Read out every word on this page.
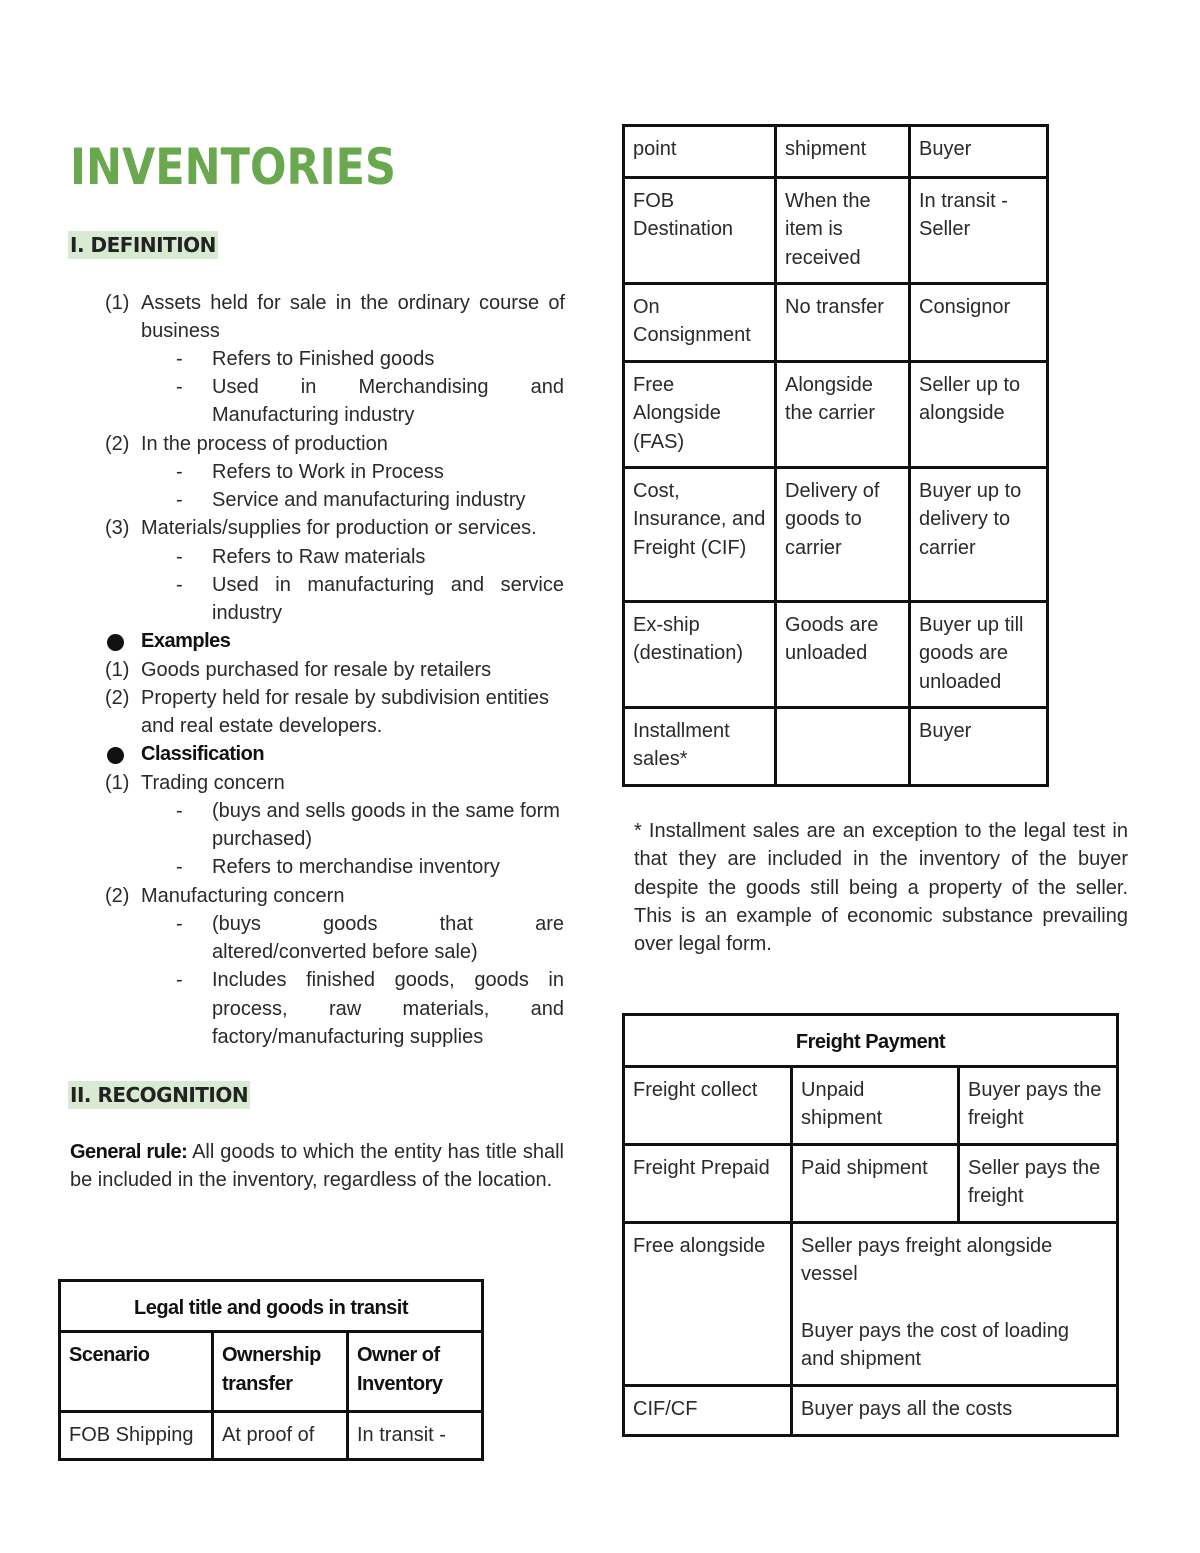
INVENTORIES
I. DEFINITION
(1) Assets held for sale in the ordinary course of
business
- Refers to Finished goods
- Used in Merchandising and
Manufacturing industry
(2) In the process of production
- Refers to Work in Process
- Service and manufacturing industry
(3) Materials/supplies for production or services.
- Refers to Raw materials
- Used in manufacturing and service
industry
Examples
(1) Goods purchased for resale by retailers
(2) Property held for resale by subdivision entities
and real estate developers.
Classification
(1) Trading concern
- (buys and sells goods in the same form
purchased)
- Refers to merchandise inventory
(2) Manufacturing concern
- (buys goods that are
altered/converted before sale)
- Includes finished goods, goods in
process, raw materials, and
factory/manufacturing supplies
II. RECOGNITION
General rule: All goods to which the entity has title shall be included in the inventory, regardless of the location.
Legal title and goods in transit		
Scenario	Ownership transfer	Owner of Inventory
FOB Shipping	At proof of	In transit -
point	shipment	Buyer
FOB Destination	When the item is received	In transit - Seller
On Consignment	No transfer	Consignor
Free Alongside (FAS)	Alongside the carrier	Seller up to alongside
Cost, Insurance, and Freight (CIF)	Delivery of goods to carrier	Buyer up to delivery to carrier
Ex-ship (destination)	Goods are unloaded	Buyer up till goods are unloaded
Installment sales*		Buyer
* Installment sales are an exception to the legal test in that they are included in the inventory of the buyer despite the goods still being a property of the seller. This is an example of economic substance prevailing over legal form.
Freight Payment		
Freight collect	Unpaid shipment	Buyer pays the freight
Freight Prepaid	Paid shipment	Seller pays the freight
Free alongside	Seller pays freight alongside vessel
Buyer pays the cost of loading and shipment	

CIF/CF	Buyer pays all the costs	
